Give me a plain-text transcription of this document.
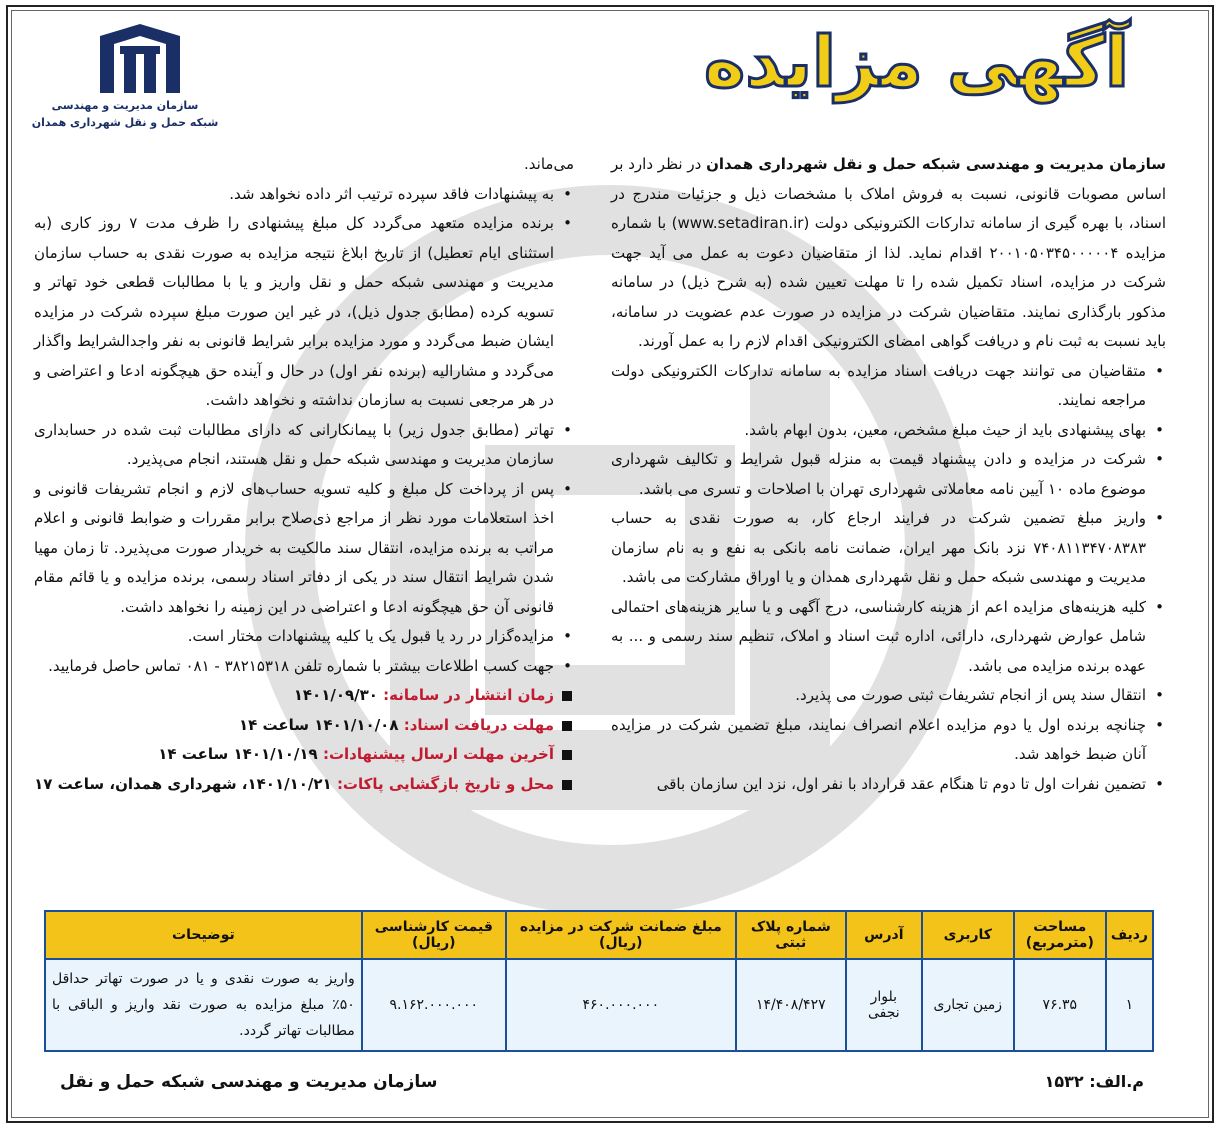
آگهی مزایده
سازمان مدیریت و مهندسی
شبکه حمل و نقل شهرداری همدان

سازمان مدیریت و مهندسی شبکه حمل و نقل شهرداری همدان در نظر دارد بر اساس مصوبات قانونی، نسبت به فروش املاک با مشخصات ذیل و جزئیات مندرج در اسناد، با بهره گیری از سامانه تدارکات الکترونیکی دولت (www.setadiran.ir) با شماره مزایده ۲۰۰۱۰۵۰۳۴۵۰۰۰۰۰۴ اقدام نماید. لذا از متقاضیان دعوت به عمل می آید جهت شرکت در مزایده، اسناد تکمیل شده را تا مهلت تعیین شده (به شرح ذیل) در سامانه مذکور بارگذاری نمایند. متقاضیان شرکت در مزایده در صورت عدم عضویت در سامانه، باید نسبت به ثبت نام و دریافت گواهی امضای الکترونیکی اقدام لازم را به عمل آورند.

• متقاضیان می توانند جهت دریافت اسناد مزایده به سامانه تدارکات الکترونیکی دولت مراجعه نمایند.

• بهای پیشنهادی باید از حیث مبلغ مشخص، معین، بدون ابهام باشد.

• شرکت در مزایده و دادن پیشنهاد قیمت به منزله قبول شرایط و تکالیف شهرداری موضوع ماده ۱۰ آیین نامه معاملاتی شهرداری تهران با اصلاحات و تسری می باشد.

• واریز مبلغ تضمین شرکت در فرایند ارجاع کار، به صورت نقدی به حساب ۷۴۰۸۱۱۳۴۷۰۸۳۸۳ نزد بانک مهر ایران، ضمانت نامه بانکی به نفع و به نام سازمان مدیریت و مهندسی شبکه حمل و نقل شهرداری همدان و یا اوراق مشارکت می باشد.

• کلیه هزینه‌های مزایده اعم از هزینه کارشناسی، درج آگهی و یا سایر هزینه‌های احتمالی شامل عوارض شهرداری، دارائی، اداره ثبت اسناد و املاک، تنظیم سند رسمی و ... به عهده برنده مزایده می باشد.

• انتقال سند پس از انجام تشریفات ثبتی صورت می پذیرد.

• چنانچه برنده اول یا دوم مزایده اعلام انصراف نمایند، مبلغ تضمین شرکت در مزایده آنان ضبط خواهد شد.

• تضمین نفرات اول تا دوم تا هنگام عقد قرارداد با نفر اول، نزد این سازمان باقی

می‌ماند.

• به پیشنهادات فاقد سپرده ترتیب اثر داده نخواهد شد.

• برنده مزایده متعهد می‌گردد کل مبلغ پیشنهادی را ظرف مدت ۷ روز کاری (به استثنای ایام تعطیل) از تاریخ ابلاغ نتیجه مزایده به صورت نقدی به حساب سازمان مدیریت و مهندسی شبکه حمل و نقل واریز و یا با مطالبات قطعی خود تهاتر و تسویه کرده (مطابق جدول ذیل)، در غیر این صورت مبلغ سپرده شرکت در مزایده ایشان ضبط می‌گردد و مورد مزایده برابر شرایط قانونی به نفر واجدالشرایط واگذار می‌گردد و مشارالیه (برنده نفر اول) در حال و آینده حق هیچگونه ادعا و اعتراضی و در هر مرجعی نسبت به سازمان نداشته و نخواهد داشت.

• تهاتر (مطابق جدول زیر) با پیمانکارانی که دارای مطالبات ثبت شده در حسابداری سازمان مدیریت و مهندسی شبکه حمل و نقل هستند، انجام می‌پذیرد.

• پس از پرداخت کل مبلغ و کلیه تسویه حساب‌های لازم و انجام تشریفات قانونی و اخذ استعلامات مورد نظر از مراجع ذی‌صلاح برابر مقررات و ضوابط قانونی و اعلام مراتب به برنده مزایده، انتقال سند مالکیت به خریدار صورت می‌پذیرد. تا زمان مهیا شدن شرایط انتقال سند در یکی از دفاتر اسناد رسمی، برنده مزایده و یا قائم مقام قانونی آن حق هیچگونه ادعا و اعتراضی در این زمینه را نخواهد داشت.

• مزایده‌گزار در رد یا قبول یک یا کلیه پیشنهادات مختار است.

• جهت کسب اطلاعات بیشتر با شماره تلفن ۳۸۲۱۵۳۱۸ - ۰۸۱ تماس حاصل فرمایید.

زمان انتشار در سامانه: ۱۴۰۱/۰۹/۳۰

مهلت دریافت اسناد: ۱۴۰۱/۱۰/۰۸ ساعت ۱۴

آخرین مهلت ارسال پیشنهادات: ۱۴۰۱/۱۰/۱۹ ساعت ۱۴

محل و تاریخ بازگشایی پاکات: ۱۴۰۱/۱۰/۲۱، شهرداری همدان، ساعت ۱۷

ردیف	مساحت (مترمربع)	کاربری	آدرس	شماره پلاک ثبتی	مبلغ ضمانت شرکت در مزایده (ریال)	قیمت کارشناسی (ریال)	توضیحات
۱	۷۶.۳۵	زمین تجاری	بلوار نجفی	۱۴/۴۰۸/۴۲۷	۴۶۰.۰۰۰.۰۰۰	۹.۱۶۲.۰۰۰.۰۰۰	واریز به صورت نقدی و یا در صورت تهاتر حداقل ۵۰٪ مبلغ مزایده به صورت نقد واریز و الباقی با مطالبات تهاتر گردد.
سازمان مدیریت و مهندسی شبکه حمل و نقل	م.الف: ۱۵۳۲
